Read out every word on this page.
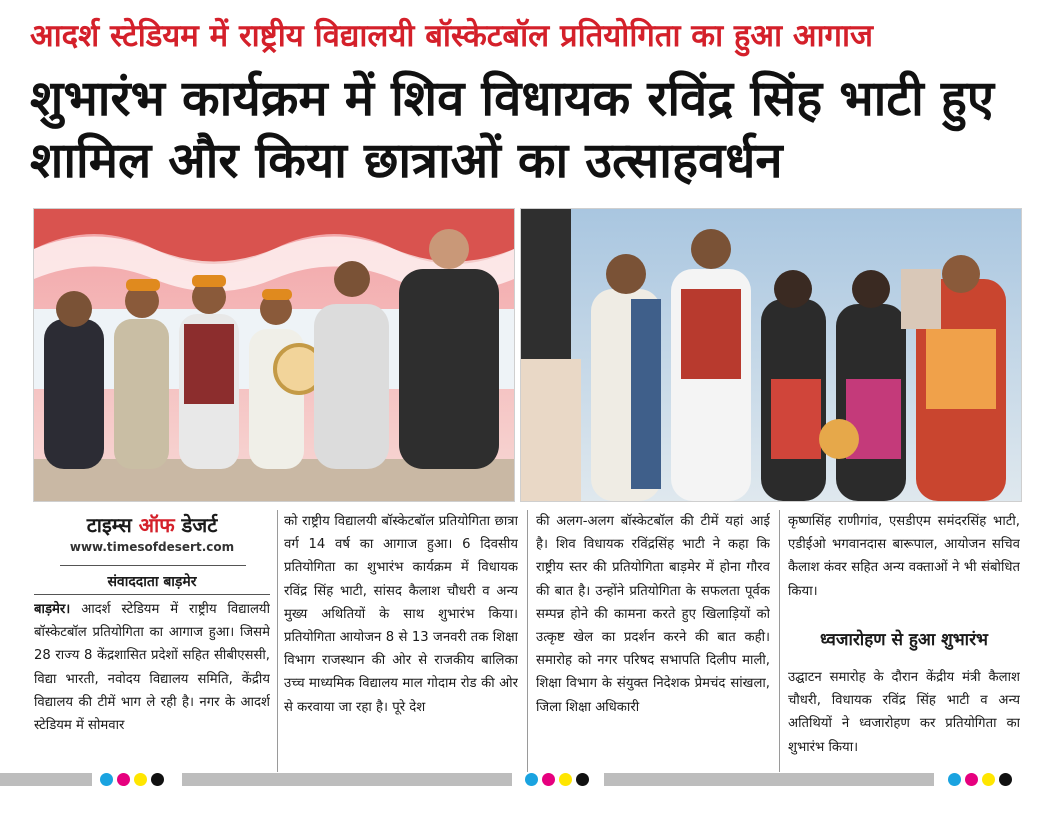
आदर्श स्टेडियम में राष्ट्रीय विद्यालयी बॉस्केटबॉल प्रतियोगिता का हुआ आगाज
शुभारंभ कार्यक्रम में शिव विधायक रविंद्र सिंह भाटी हुए शामिल और किया छात्राओं का उत्साहवर्धन
टाइम्स ऑफ डेजर्ट
www.timesofdesert.com
संवाददाता बाड़मेर
बाड़मेर। आदर्श स्टेडियम में राष्ट्रीय विद्यालयी बॉस्केटबॉल प्रतियोगिता का आगाज हुआ। जिसमे 28 राज्य 8 केंद्रशासित प्रदेशों सहित सीबीएससी, विद्या भारती, नवोदय विद्यालय समिति, केंद्रीय विद्यालय की टीमें भाग ले रही है। नगर के आदर्श स्टेडियम में सोमवार
को राष्ट्रीय विद्यालयी बॉस्केटबॉल प्रतियोगिता छात्रा वर्ग 14 वर्ष का आगाज हुआ। 6 दिवसीय प्रतियोगिता का शुभारंभ कार्यक्रम में विधायक रविंद्र सिंह भाटी, सांसद कैलाश चौधरी व अन्य मुख्य अथितियों के साथ शुभारंभ किया। प्रतियोगिता आयोजन 8 से 13 जनवरी तक शिक्षा विभाग राजस्थान की ओर से राजकीय बालिका उच्च माध्यमिक विद्यालय माल गोदाम रोड की ओर से करवाया जा रहा है। पूरे देश
की अलग-अलग बॉस्केटबॉल की टीमें यहां आई है। शिव विधायक रविंद्रसिंह भाटी ने कहा कि राष्ट्रीय स्तर की प्रतियोगिता बाड़मेर में होना गौरव की बात है। उन्होंने प्रतियोगिता के सफलता पूर्वक सम्पन्न होने की कामना करते हुए खिलाड़ियों को उत्कृष्ट खेल का प्रदर्शन करने की बात कही। समारोह को नगर परिषद सभापति दिलीप माली, शिक्षा विभाग के संयुक्त निदेशक प्रेमचंद सांखला, जिला शिक्षा अधिकारी
कृष्णसिंह राणीगांव, एसडीएम समंदरसिंह भाटी, एडीईओ भगवानदास बारूपाल, आयोजन सचिव कैलाश कंवर सहित अन्य वक्ताओं ने भी संबोधित किया।
ध्वजारोहण से हुआ शुभारंभ
उद्घाटन समारोह के दौरान केंद्रीय मंत्री कैलाश चौधरी, विधायक रविंद्र सिंह भाटी व अन्य अतिथियों ने ध्वजारोहण कर प्रतियोगिता का शुभारंभ किया।
